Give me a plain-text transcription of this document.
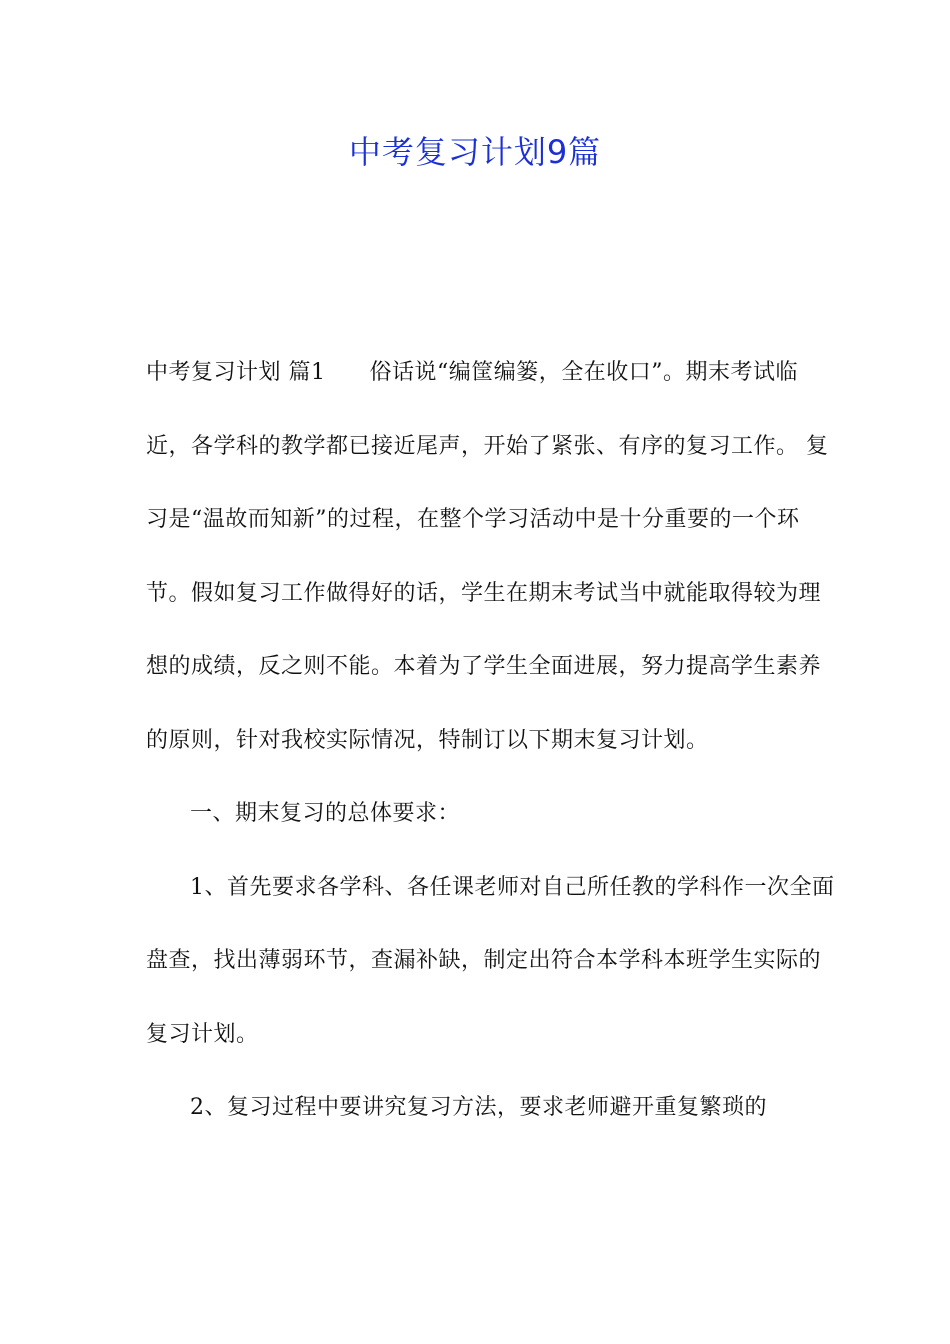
中考复习计划9篇

中考复习计划 篇1 俗话说“编筐编篓，全在收口”。期末考试临近，各学科的教学都已接近尾声，开始了紧张、有序的复习工作。 复习是“温故而知新”的过程，在整个学习活动中是十分重要的一个环节。假如复习工作做得好的话，学生在期末考试当中就能取得较为理想的成绩，反之则不能。本着为了学生全面进展，努力提高学生素养的原则，针对我校实际情况，特制订以下期末复习计划。

一、期末复习的总体要求：

1、首先要求各学科、各任课老师对自己所任教的学科作一次全面盘查，找出薄弱环节，查漏补缺，制定出符合本学科本班学生实际的复习计划。

2、复习过程中要讲究复习方法，要求老师避开重复繁琐的
